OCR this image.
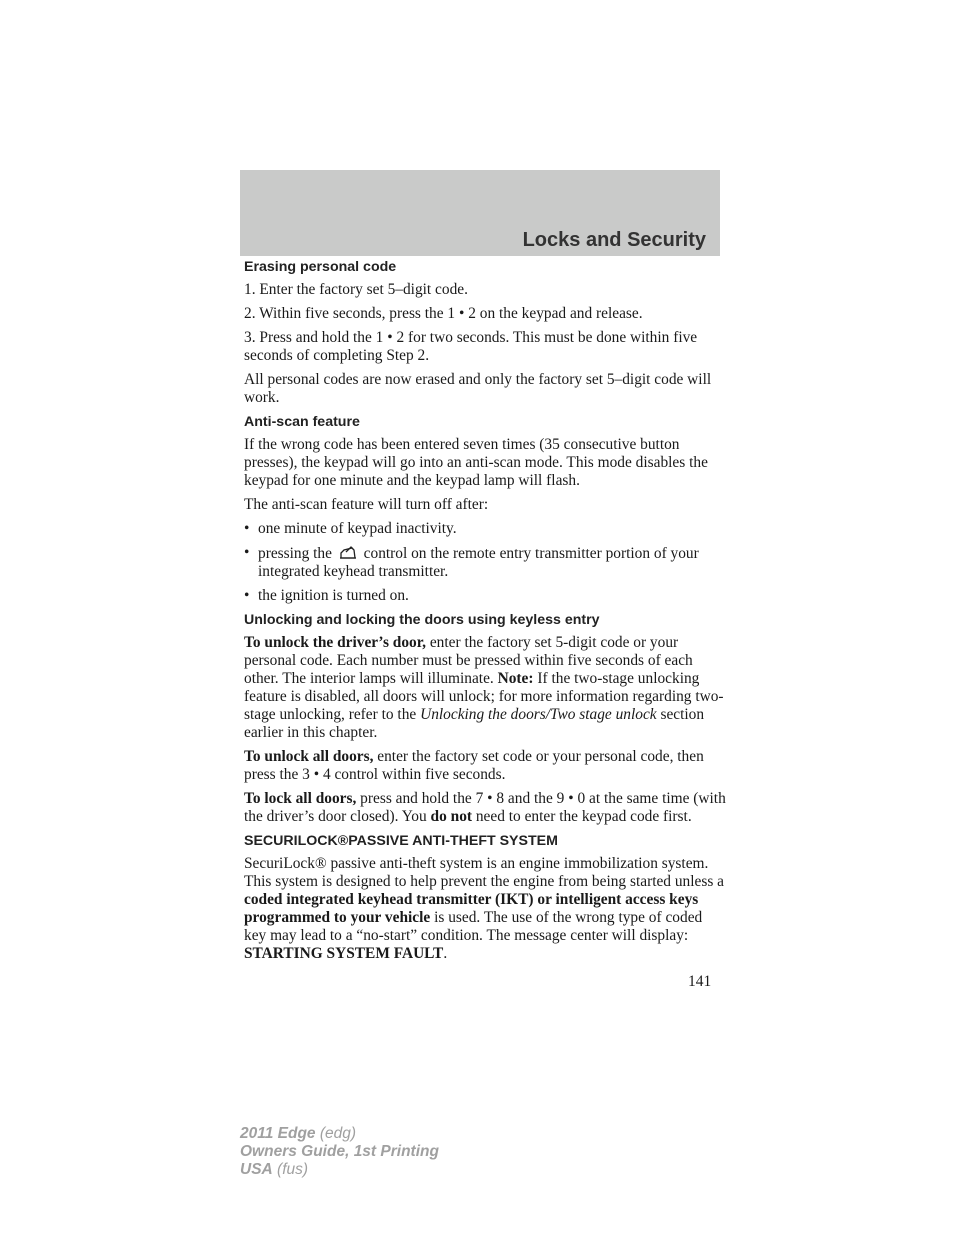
Locks and Security
Erasing personal code

1. Enter the factory set 5–digit code.

2. Within five seconds, press the 1 • 2 on the keypad and release.

3. Press and hold the 1 • 2 for two seconds. This must be done within five seconds of completing Step 2.

All personal codes are now erased and only the factory set 5–digit code will work.

Anti-scan feature

If the wrong code has been entered seven times (35 consecutive button presses), the keypad will go into an anti-scan mode. This mode disables the keypad for one minute and the keypad lamp will flash.

The anti-scan feature will turn off after:

• one minute of keypad inactivity.
• pressing the control on the remote entry transmitter portion of your integrated keyhead transmitter.
• the ignition is turned on.
Unlocking and locking the doors using keyless entry

To unlock the driver’s door, enter the factory set 5-digit code or your personal code. Each number must be pressed within five seconds of each other. The interior lamps will illuminate. Note: If the two-stage unlocking feature is disabled, all doors will unlock; for more information regarding two-stage unlocking, refer to the Unlocking the doors/Two stage unlock section earlier in this chapter.

To unlock all doors, enter the factory set code or your personal code, then press the 3 • 4 control within five seconds.

To lock all doors, press and hold the 7 • 8 and the 9 • 0 at the same time (with the driver’s door closed). You do not need to enter the keypad code first.

SECURILOCK®PASSIVE ANTI-THEFT SYSTEM

SecuriLock® passive anti-theft system is an engine immobilization system. This system is designed to help prevent the engine from being started unless a coded integrated keyhead transmitter (IKT) or intelligent access keys programmed to your vehicle is used. The use of the wrong type of coded key may lead to a “no-start” condition. The message center will display: STARTING SYSTEM FAULT.

141
2011 Edge (edg)
Owners Guide, 1st Printing
USA (fus)
